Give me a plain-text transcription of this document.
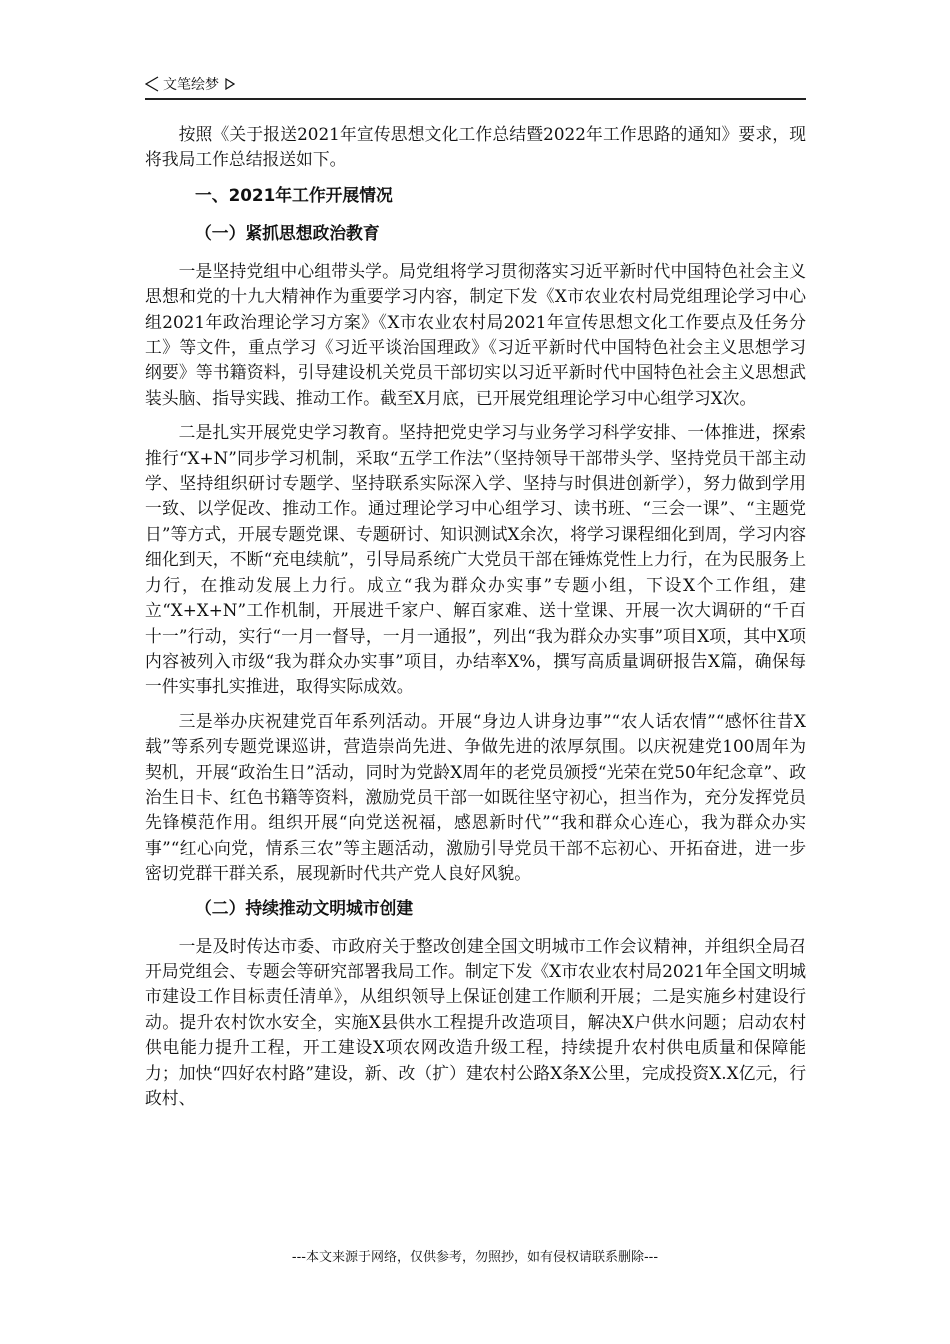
文笔绘梦

按照《关于报送2021年宣传思想文化工作总结暨2022年工作思路的通知》要求，现将我局工作总结报送如下。

一、2021年工作开展情况
（一）紧抓思想政治教育

一是坚持党组中心组带头学。局党组将学习贯彻落实习近平新时代中国特色社会主义思想和党的十九大精神作为重要学习内容，制定下发《X市农业农村局党组理论学习中心组2021年政治理论学习方案》《X市农业农村局2021年宣传思想文化工作要点及任务分工》等文件，重点学习《习近平谈治国理政》《习近平新时代中国特色社会主义思想学习纲要》等书籍资料，引导建设机关党员干部切实以习近平新时代中国特色社会主义思想武装头脑、指导实践、推动工作。截至X月底，已开展党组理论学习中心组学习X次。

二是扎实开展党史学习教育。坚持把党史学习与业务学习科学安排、一体推进，探索推行“X+N”同步学习机制，采取“五学工作法”（坚持领导干部带头学、坚持党员干部主动学、坚持组织研讨专题学、坚持联系实际深入学、坚持与时俱进创新学），努力做到学用一致、以学促改、推动工作。通过理论学习中心组学习、读书班、“三会一课”、“主题党日”等方式，开展专题党课、专题研讨、知识测试X余次，将学习课程细化到周，学习内容细化到天，不断“充电续航”，引导局系统广大党员干部在锤炼党性上力行，在为民服务上力行，在推动发展上力行。成立“我为群众办实事”专题小组，下设X个工作组，建立“X+X+N”工作机制，开展进千家户、解百家难、送十堂课、开展一次大调研的“千百十一”行动，实行“一月一督导，一月一通报”，列出“我为群众办实事”项目X项，其中X项内容被列入市级“我为群众办实事”项目，办结率X%，撰写高质量调研报告X篇，确保每一件实事扎实推进，取得实际成效。

三是举办庆祝建党百年系列活动。开展“身边人讲身边事”“农人话农情”“感怀往昔X载”等系列专题党课巡讲，营造崇尚先进、争做先进的浓厚氛围。以庆祝建党100周年为契机，开展“政治生日”活动，同时为党龄X周年的老党员颁授“光荣在党50年纪念章”、政治生日卡、红色书籍等资料，激励党员干部一如既往坚守初心，担当作为，充分发挥党员先锋模范作用。组织开展“向党送祝福，感恩新时代”“我和群众心连心，我为群众办实事”“红心向党，情系三农”等主题活动，激励引导党员干部不忘初心、开拓奋进，进一步密切党群干群关系，展现新时代共产党人良好风貌。

（二）持续推动文明城市创建

一是及时传达市委、市政府关于整改创建全国文明城市工作会议精神，并组织全局召开局党组会、专题会等研究部署我局工作。制定下发《X市农业农村局2021年全国文明城市建设工作目标责任清单》，从组织领导上保证创建工作顺利开展；二是实施乡村建设行动。提升农村饮水安全，实施X县供水工程提升改造项目，解决X户供水问题；启动农村供电能力提升工程，开工建设X项农网改造升级工程，持续提升农村供电质量和保障能力；加快“四好农村路”建设，新、改（扩）建农村公路X条X公里，完成投资X.X亿元，行政村、

---本文来源于网络，仅供参考，勿照抄，如有侵权请联系删除---
